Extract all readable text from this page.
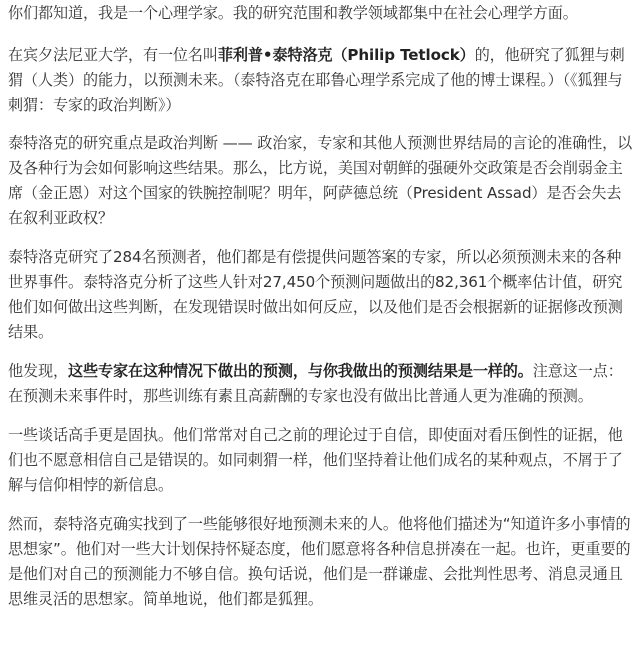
你们都知道，我是一个心理学家。我的研究范围和教学领域都集中在社会心理学方面。

在宾夕法尼亚大学，有一位名叫菲利普•泰特洛克（Philip Tetlock）的，他研究了狐狸与刺猬（人类）的能力，以预测未来。（泰特洛克在耶鲁心理学系完成了他的博士课程。）（《狐狸与刺猬：专家的政治判断》）

泰特洛克的研究重点是政治判断 —— 政治家，专家和其他人预测世界结局的言论的准确性，以及各种行为会如何影响这些结果。那么，比方说，美国对朝鲜的强硬外交政策是否会削弱金主席（金正恩）对这个国家的铁腕控制呢？明年，阿萨德总统（President Assad）是否会失去在叙利亚政权？

泰特洛克研究了284名预测者，他们都是有偿提供问题答案的专家，所以必须预测未来的各种世界事件。泰特洛克分析了这些人针对27,450个预测问题做出的82,361个概率估计值，研究他们如何做出这些判断，在发现错误时做出如何反应，以及他们是否会根据新的证据修改预测结果。

他发现，这些专家在这种情况下做出的预测，与你我做出的预测结果是一样的。注意这一点：在预测未来事件时，那些训练有素且高薪酬的专家也没有做出比普通人更为准确的预测。

一些谈话高手更是固执。他们常常对自己之前的理论过于自信，即使面对看压倒性的证据，他们也不愿意相信自己是错误的。如同刺猬一样，他们坚持着让他们成名的某种观点，不屑于了解与信仰相悖的新信息。

然而，泰特洛克确实找到了一些能够很好地预测未来的人。他将他们描述为“知道许多小事情的思想家”。他们对一些大计划保持怀疑态度，他们愿意将各种信息拼凑在一起。也许，更重要的是他们对自己的预测能力不够自信。换句话说，他们是一群谦虚、会批判性思考、消息灵通且思维灵活的思想家。简单地说，他们都是狐狸。
